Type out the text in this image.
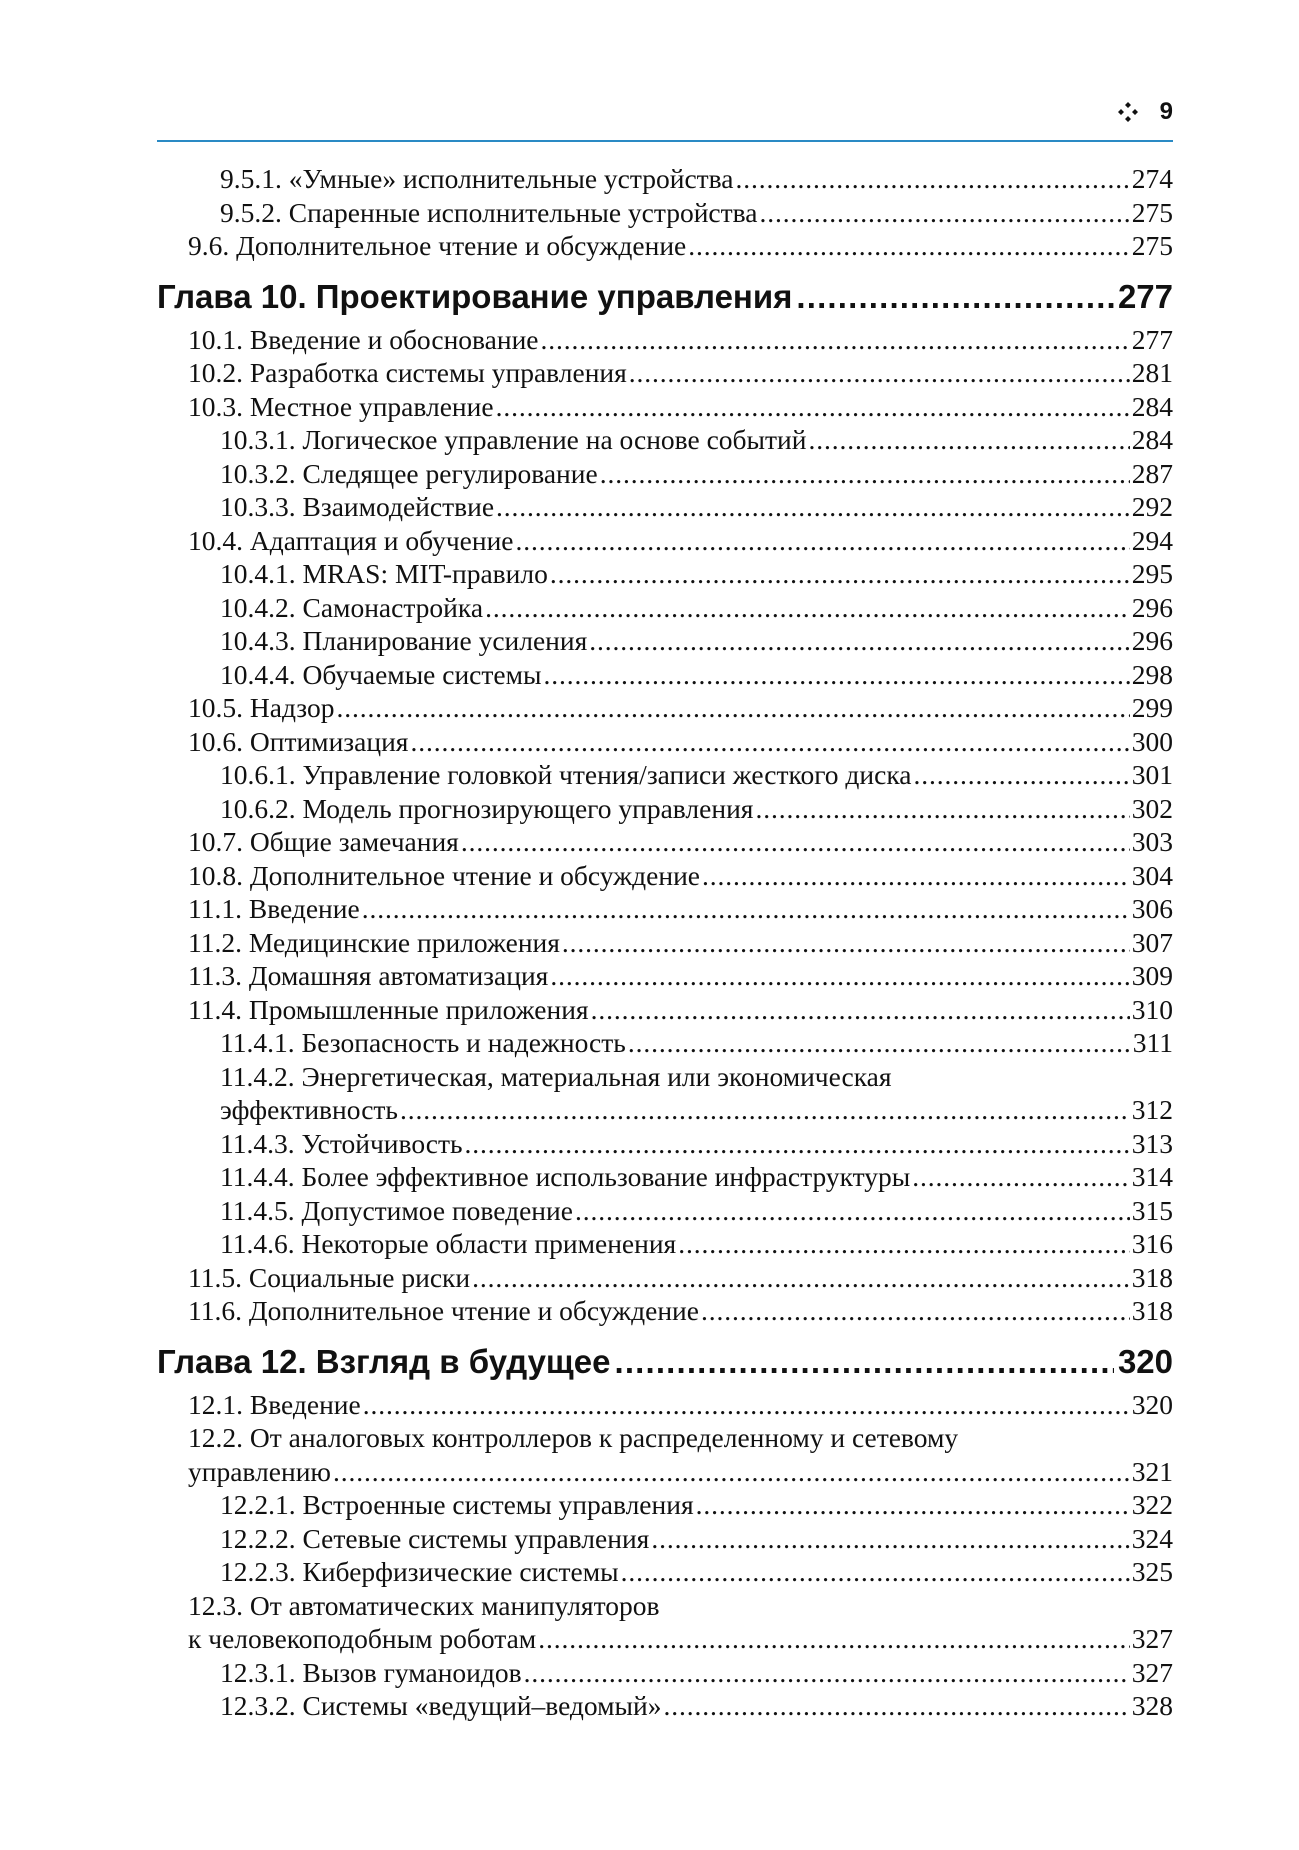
9
9.5.1. «Умные» исполнительные устройства . . .	274
9.5.2. Спаренные исполнительные устройства . . .	275
9.6. Дополнительное чтение и обсуждение . . .	275
Глава 10. Проектирование управления . . .	277
10.1. Введение и обоснование . . .	277
10.2. Разработка системы управления . . .	281
10.3. Местное управление . . .	284
10.3.1. Логическое управление на основе событий . . .	284
10.3.2. Следящее регулирование . . .	287
10.3.3. Взаимодействие . . .	292
10.4. Адаптация и обучение . . .	294
10.4.1. MRAS: MIT-правило . . .	295
10.4.2. Самонастройка . . .	296
10.4.3. Планирование усиления . . .	296
10.4.4. Обучаемые системы . . .	298
10.5. Надзор . . .	299
10.6. Оптимизация . . .	300
10.6.1. Управление головкой чтения/записи жесткого диска . . .	301
10.6.2. Модель прогнозирующего управления . . .	302
10.7. Общие замечания . . .	303
10.8. Дополнительное чтение и обсуждение . . .	304
11.1. Введение . . .	306
11.2. Медицинские приложения . . .	307
11.3. Домашняя автоматизация . . .	309
11.4. Промышленные приложения . . .	310
11.4.1. Безопасность и надежность . . .	311
11.4.2. Энергетическая, материальная или экономическая
эффективность . . .	312
11.4.3. Устойчивость . . .	313
11.4.4. Более эффективное использование инфраструктуры . . .	314
11.4.5. Допустимое поведение . . .	315
11.4.6. Некоторые области применения . . .	316
11.5. Социальные риски . . .	318
11.6. Дополнительное чтение и обсуждение . . .	318
Глава 12. Взгляд в будущее . . .	320
12.1. Введение . . .	320
12.2. От аналоговых контроллеров к распределенному и сетевому
управлению . . .	321
12.2.1. Встроенные системы управления . . .	322
12.2.2. Сетевые системы управления . . .	324
12.2.3. Киберфизические системы . . .	325
12.3. От автоматических манипуляторов
к человекоподобным роботам . . .	327
12.3.1. Вызов гуманоидов . . .	327
12.3.2. Системы «ведущий–ведомый» . . .	328
